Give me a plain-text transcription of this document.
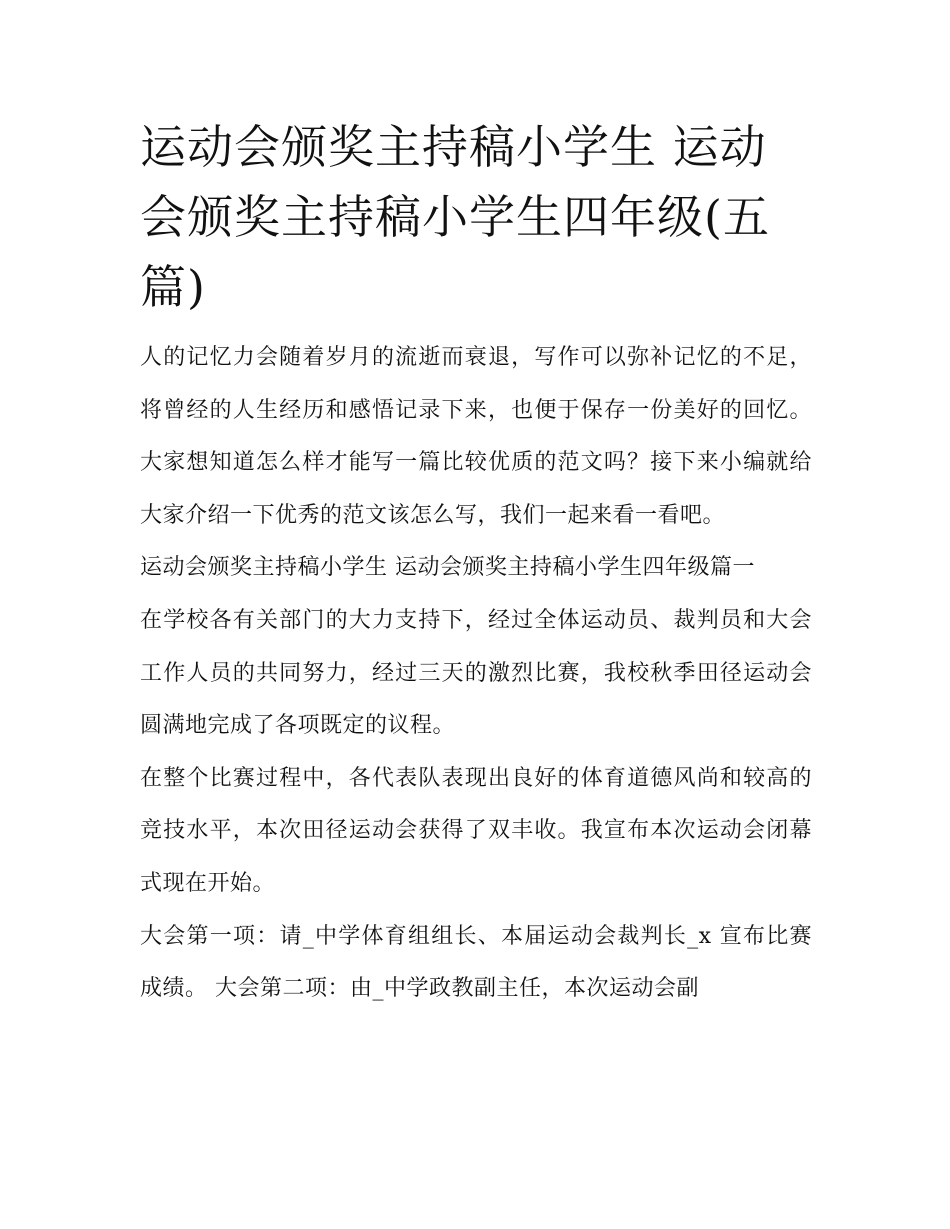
运动会颁奖主持稿小学生 运动会颁奖主持稿小学生四年级(五篇)

人的记忆力会随着岁月的流逝而衰退，写作可以弥补记忆的不足，将曾经的人生经历和感悟记录下来，也便于保存一份美好的回忆。大家想知道怎么样才能写一篇比较优质的范文吗？接下来小编就给大家介绍一下优秀的范文该怎么写，我们一起来看一看吧。

运动会颁奖主持稿小学生 运动会颁奖主持稿小学生四年级篇一

在学校各有关部门的大力支持下，经过全体运动员、裁判员和大会工作人员的共同努力，经过三天的激烈比赛，我校秋季田径运动会圆满地完成了各项既定的议程。

在整个比赛过程中，各代表队表现出良好的体育道德风尚和较高的竞技水平，本次田径运动会获得了双丰收。我宣布本次运动会闭幕式现在开始。

大会第一项：请_中学体育组组长、本届运动会裁判长_x 宣布比赛成绩。 大会第二项：由_中学政教副主任，本次运动会副
